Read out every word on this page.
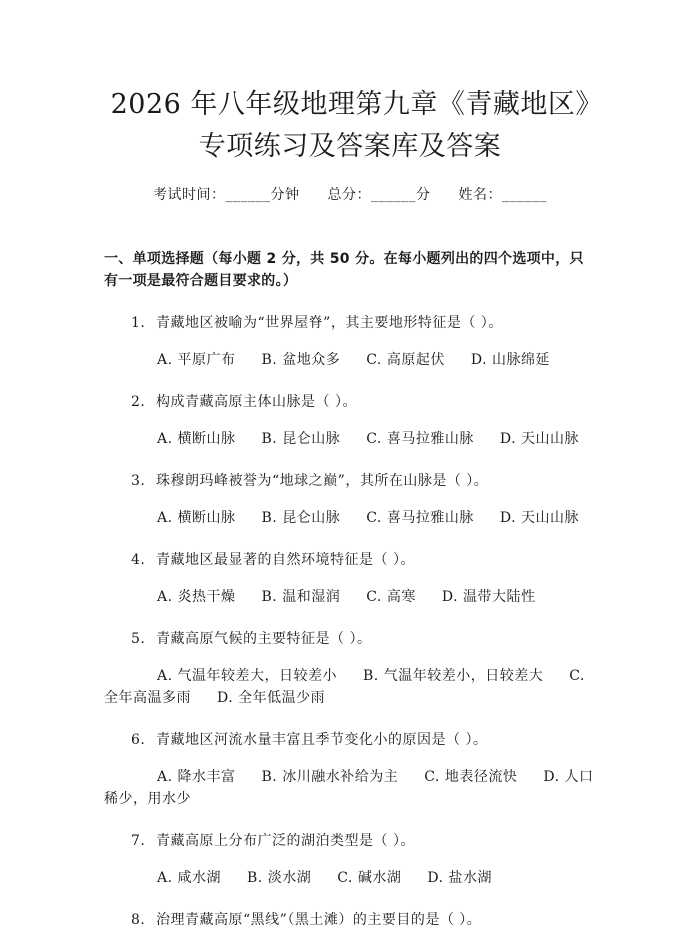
2026 年八年级地理第九章《青藏地区》专项练习及答案库及答案
考试时间：______分钟 总分：______分 姓名：______
一、单项选择题（每小题 2 分，共 50 分。在每小题列出的四个选项中，只有一项是最符合题目要求的。）
1. 青藏地区被喻为“世界屋脊”，其主要地形特征是（ ）。
A. 平原广布 B. 盆地众多 C. 高原起伏 D. 山脉绵延
2. 构成青藏高原主体山脉是（ ）。
A. 横断山脉 B. 昆仑山脉 C. 喜马拉雅山脉 D. 天山山脉
3. 珠穆朗玛峰被誉为“地球之巅”，其所在山脉是（ ）。
A. 横断山脉 B. 昆仑山脉 C. 喜马拉雅山脉 D. 天山山脉
4. 青藏地区最显著的自然环境特征是（ ）。
A. 炎热干燥 B. 温和湿润 C. 高寒 D. 温带大陆性
5. 青藏高原气候的主要特征是（ ）。
A. 气温年较差大，日较差小 B. 气温年较差小，日较差大 C. 全年高温多雨 D. 全年低温少雨
6. 青藏地区河流水量丰富且季节变化小的原因是（ ）。
A. 降水丰富 B. 冰川融水补给为主 C. 地表径流快 D. 人口稀少，用水少
7. 青藏高原上分布广泛的湖泊类型是（ ）。
A. 咸水湖 B. 淡水湖 C. 碱水湖 D. 盐水湖
8. 治理青藏高原“黑线”（黑土滩）的主要目的是（ ）。
